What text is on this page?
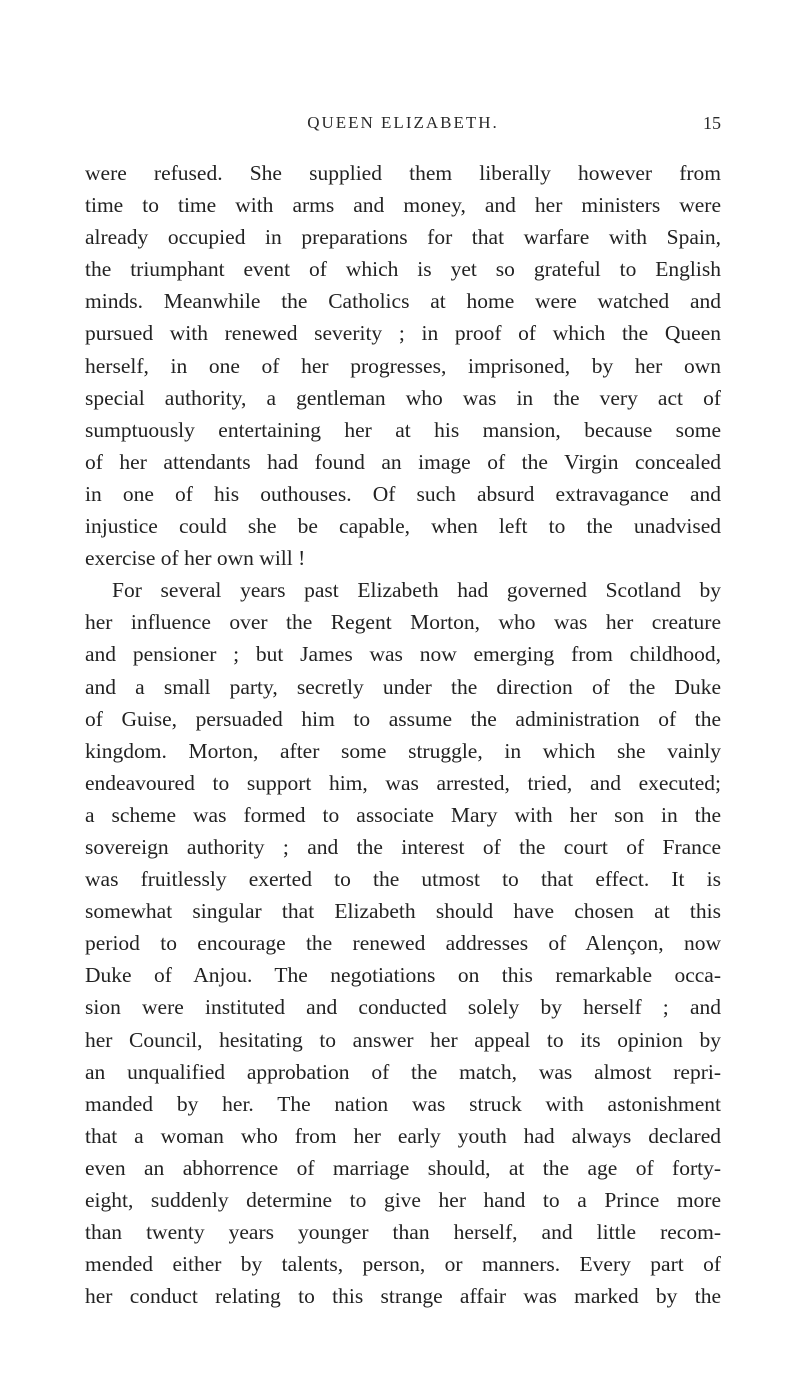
QUEEN ELIZABETH.	15
were refused. She supplied them liberally however from
time to time with arms and money, and her ministers were
already occupied in preparations for that warfare with Spain,
the triumphant event of which is yet so grateful to English
minds. Meanwhile the Catholics at home were watched and
pursued with renewed severity ; in proof of which the Queen
herself, in one of her progresses, imprisoned, by her own
special authority, a gentleman who was in the very act of
sumptuously entertaining her at his mansion, because some
of her attendants had found an image of the Virgin concealed
in one of his outhouses. Of such absurd extravagance and
injustice could she be capable, when left to the unadvised
exercise of her own will !
For several years past Elizabeth had governed Scotland by
her influence over the Regent Morton, who was her creature
and pensioner ; but James was now emerging from childhood,
and a small party, secretly under the direction of the Duke
of Guise, persuaded him to assume the administration of the
kingdom. Morton, after some struggle, in which she vainly
endeavoured to support him, was arrested, tried, and executed;
a scheme was formed to associate Mary with her son in the
sovereign authority ; and the interest of the court of France
was fruitlessly exerted to the utmost to that effect. It is
somewhat singular that Elizabeth should have chosen at this
period to encourage the renewed addresses of Alençon, now
Duke of Anjou. The negotiations on this remarkable occa-
sion were instituted and conducted solely by herself ; and
her Council, hesitating to answer her appeal to its opinion by
an unqualified approbation of the match, was almost repri-
manded by her. The nation was struck with astonishment
that a woman who from her early youth had always declared
even an abhorrence of marriage should, at the age of forty-
eight, suddenly determine to give her hand to a Prince more
than twenty years younger than herself, and little recom-
mended either by talents, person, or manners. Every part of
her conduct relating to this strange affair was marked by the
